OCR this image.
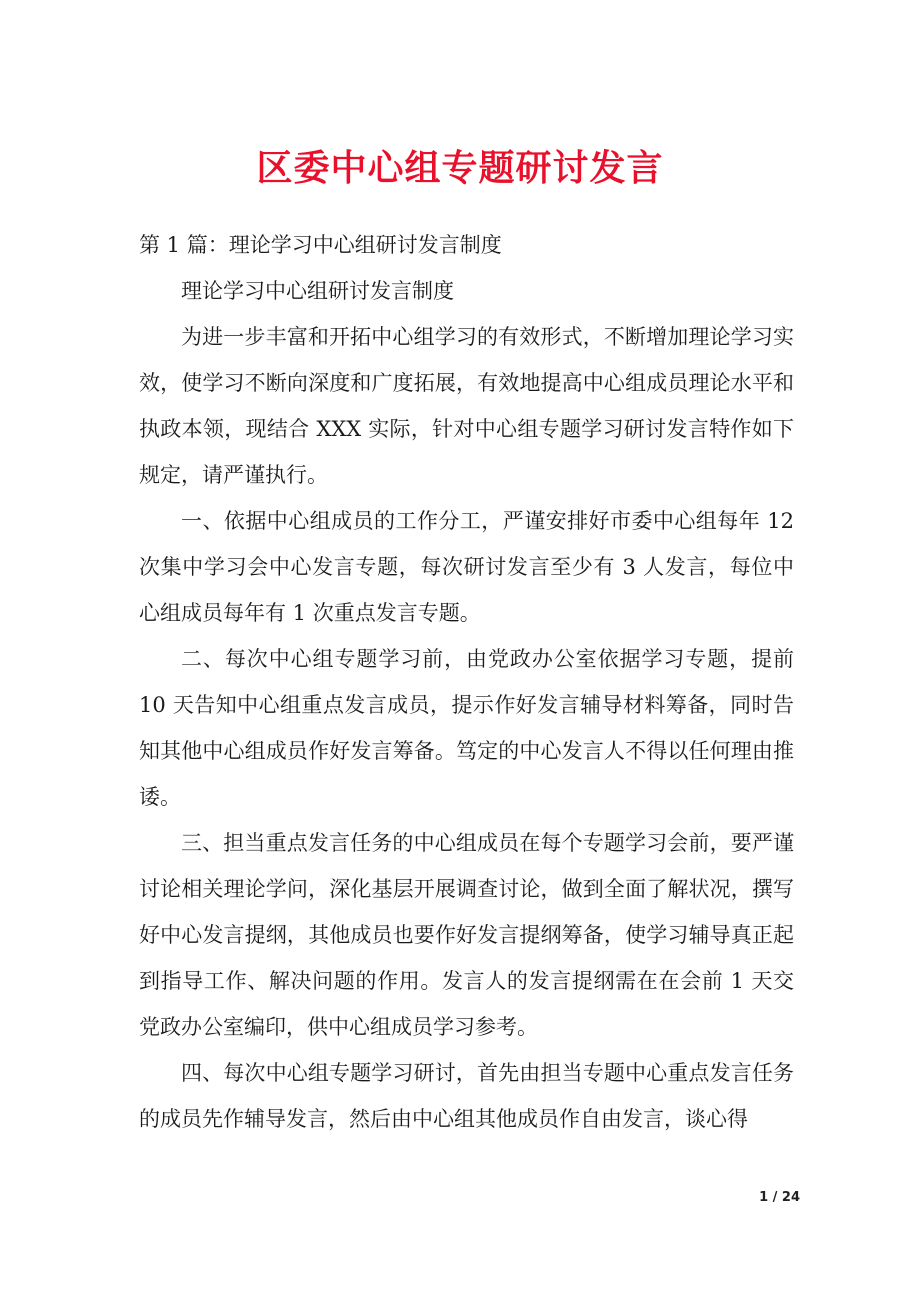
区委中心组专题研讨发言

第 1 篇：理论学习中心组研讨发言制度

理论学习中心组研讨发言制度

为进一步丰富和开拓中心组学习的有效形式，不断增加理论学习实效，使学习不断向深度和广度拓展，有效地提高中心组成员理论水平和执政本领，现结合 XXX 实际，针对中心组专题学习研讨发言特作如下规定，请严谨执行。

一、依据中心组成员的工作分工，严谨安排好市委中心组每年 12 次集中学习会中心发言专题，每次研讨发言至少有 3 人发言，每位中心组成员每年有 1 次重点发言专题。

二、每次中心组专题学习前，由党政办公室依据学习专题，提前 10 天告知中心组重点发言成员，提示作好发言辅导材料筹备，同时告知其他中心组成员作好发言筹备。笃定的中心发言人不得以任何理由推诿。

三、担当重点发言任务的中心组成员在每个专题学习会前，要严谨讨论相关理论学问，深化基层开展调查讨论，做到全面了解状况，撰写好中心发言提纲，其他成员也要作好发言提纲筹备，使学习辅导真正起到指导工作、解决问题的作用。发言人的发言提纲需在在会前 1 天交党政办公室编印，供中心组成员学习参考。

四、每次中心组专题学习研讨，首先由担当专题中心重点发言任务的成员先作辅导发言，然后由中心组其他成员作自由发言，谈心得

1 / 24
